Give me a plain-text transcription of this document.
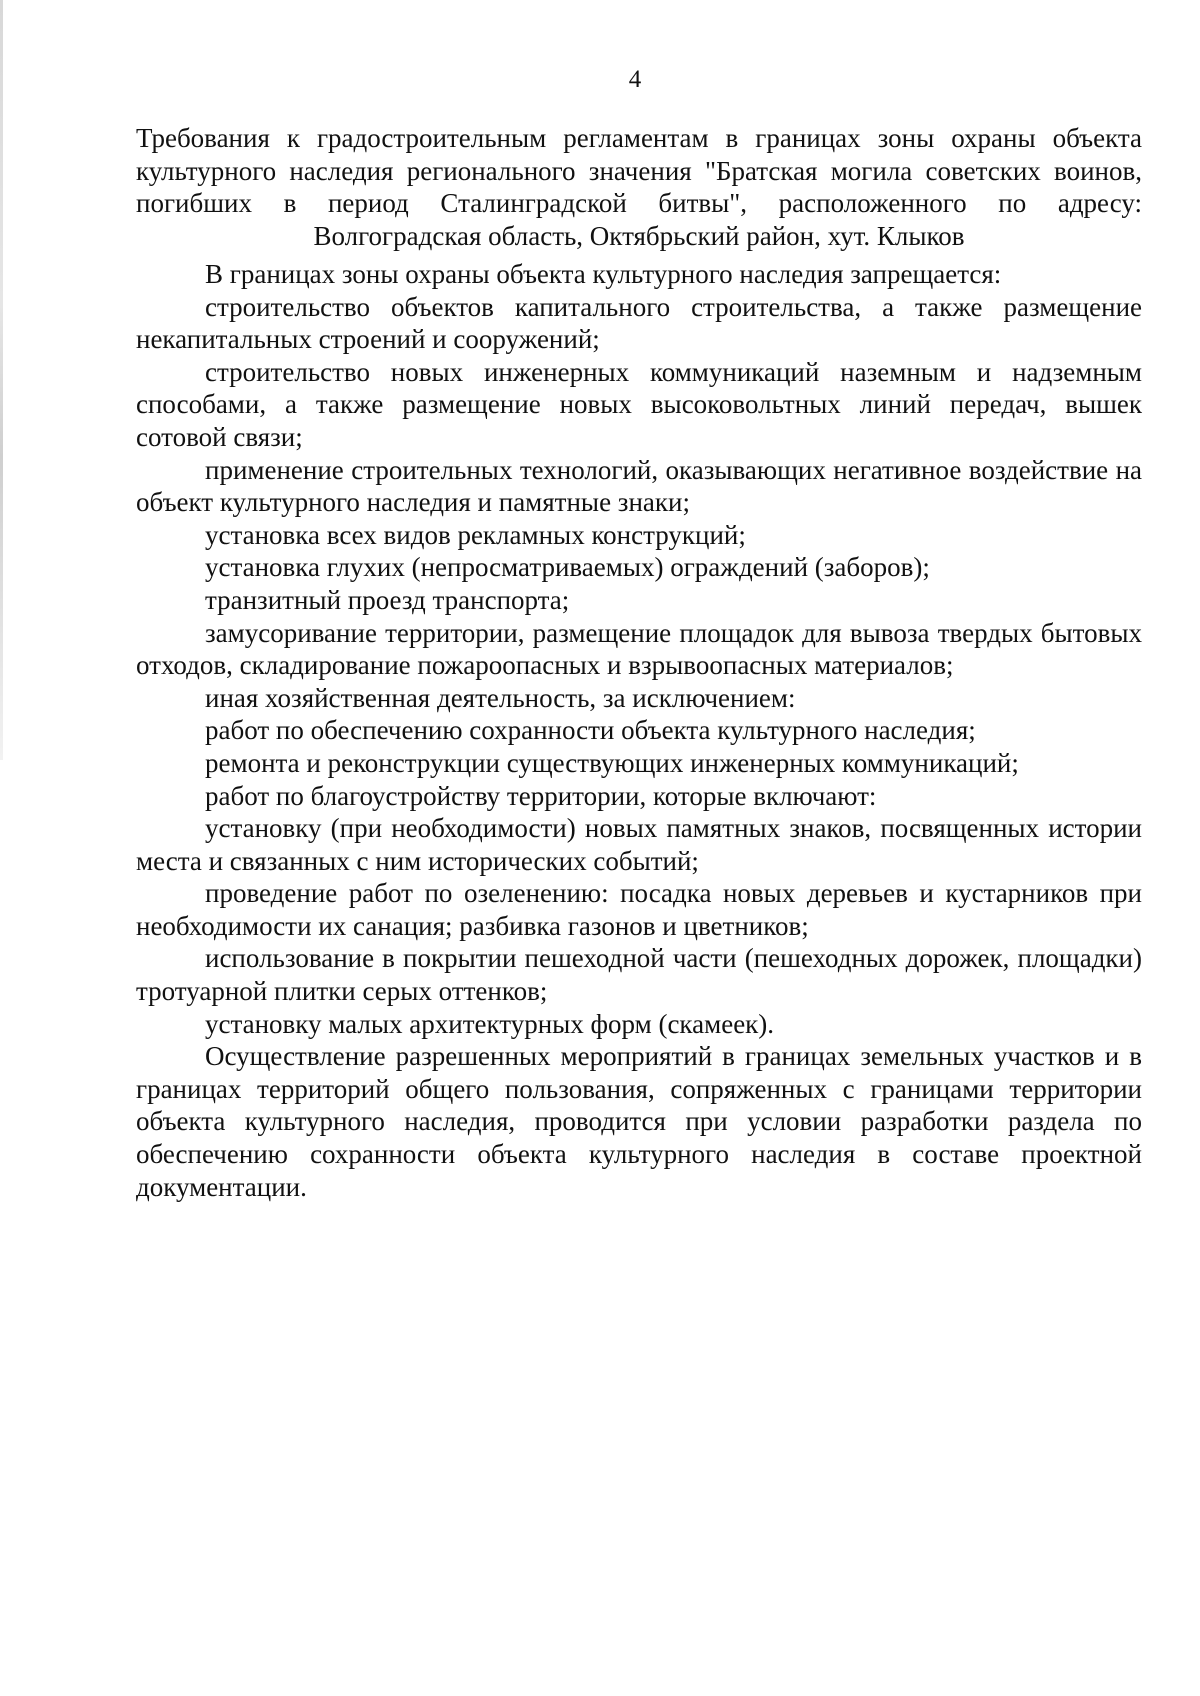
4
Требования к градостроительным регламентам в границах зоны охраны объекта
культурного наследия регионального значения "Братская могила советских воинов,
погибших в период Сталинградской битвы", расположенного по адресу:
Волгоградская область, Октябрьский район, хут. Клыков

В границах зоны охраны объекта культурного наследия запрещается:

строительство объектов капитального строительства, а также размещение некапитальных строений и сооружений;

строительство новых инженерных коммуникаций наземным и надземным способами, а также размещение новых высоковольтных линий передач, вышек сотовой связи;

применение строительных технологий, оказывающих негативное воздействие на объект культурного наследия и памятные знаки;

установка всех видов рекламных конструкций;

установка глухих (непросматриваемых) ограждений (заборов);

транзитный проезд транспорта;

замусоривание территории, размещение площадок для вывоза твердых бытовых отходов, складирование пожароопасных и взрывоопасных материалов;

иная хозяйственная деятельность, за исключением:

работ по обеспечению сохранности объекта культурного наследия;

ремонта и реконструкции существующих инженерных коммуникаций;

работ по благоустройству территории, которые включают:

установку (при необходимости) новых памятных знаков, посвященных истории места и связанных с ним исторических событий;

проведение работ по озеленению: посадка новых деревьев и кустарников при необходимости их санация; разбивка газонов и цветников;

использование в покрытии пешеходной части (пешеходных дорожек, площадки) тротуарной плитки серых оттенков;

установку малых архитектурных форм (скамеек).

Осуществление разрешенных мероприятий в границах земельных участков и в границах территорий общего пользования, сопряженных с границами территории объекта культурного наследия, проводится при условии разработки раздела по обеспечению сохранности объекта культурного наследия в составе проектной документации.
